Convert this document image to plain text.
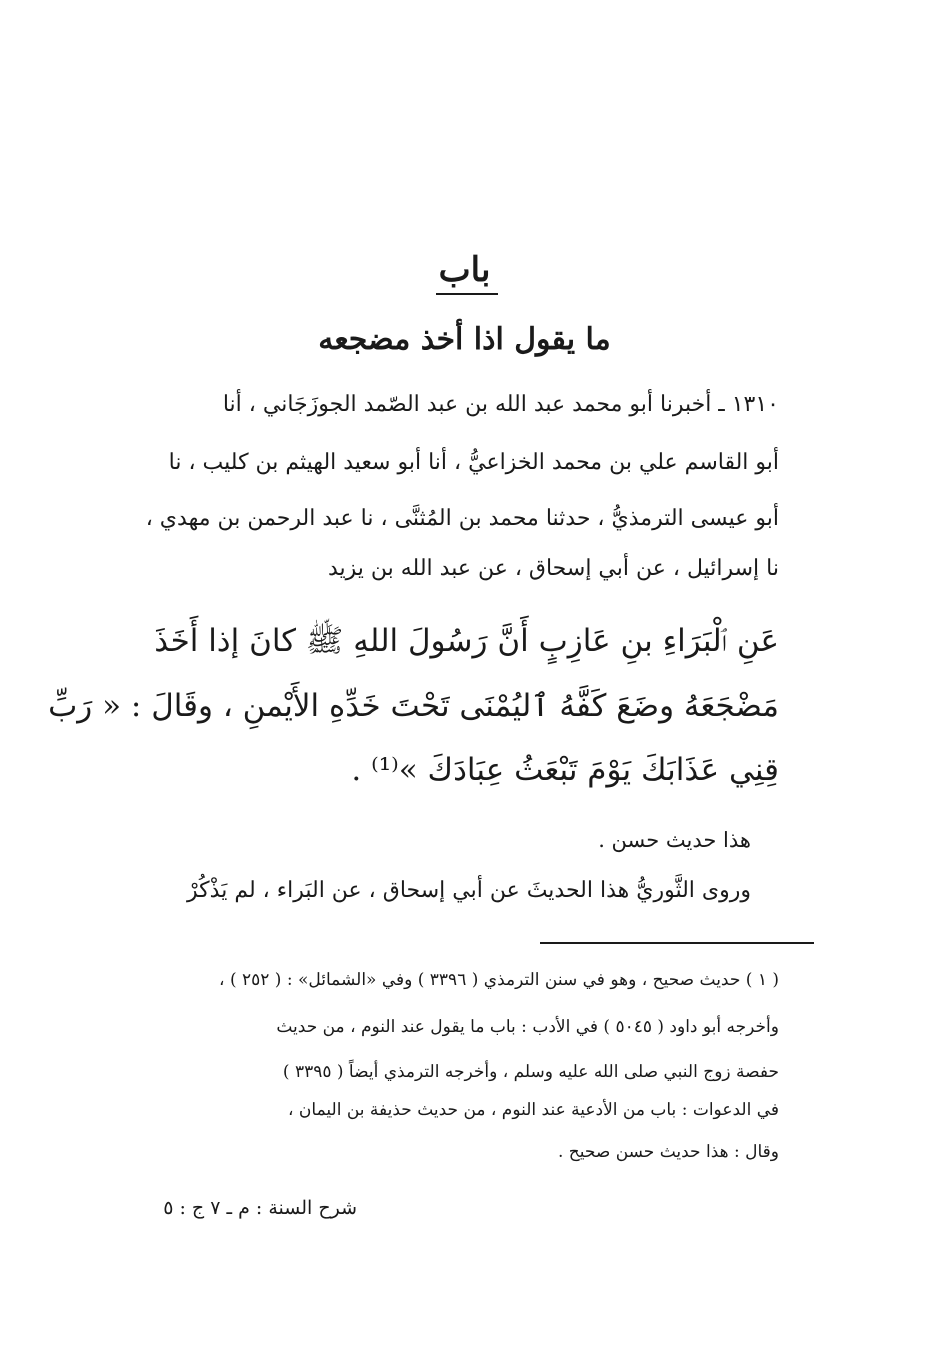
باب
ما يقول اذا أخذ مضجعه
١٣١٠ ـ أخبرنا أبو محمد عبد الله بن عبد الصّمد الجوزَجَاني ، أنا
أبو القاسم علي بن محمد الخزاعيُّ ، أنا أبو سعيد الهيثم بن كليب ، نا
أبو عيسى الترمذيُّ ، حدثنا محمد بن المُثنَّى ، نا عبد الرحمن بن مهدي ،
نا إسرائيل ، عن أبي إسحاق ، عن عبد الله بن يزيد
عَنِ ٱلْبَرَاءِ بنِ عَازِبٍ أَنَّ رَسُولَ اللهِ ﷺ كانَ إذا أَخَذَ
مَضْجَعَهُ وضَعَ كَفَّهُ ٱليُمْنَى تَحْتَ خَدِّهِ الأَيْمنِ ، وقَالَ : « رَبِّ
قِنِي عَذَابَكَ يَوْمَ تَبْعَثُ عِبَادَكَ »⁽¹⁾ .
هذا حديث حسن .
وروى الثَّوريُّ هذا الحديثَ عن أبي إسحاق ، عن البَراء ، لم يَذْكُرْ
( ١ ) حديث صحيح ، وهو في سنن الترمذي ( ٣٣٩٦ ) وفي «الشمائل» : ( ٢٥٢ ) ،
وأخرجه أبو داود ( ٥٠٤٥ ) في الأدب : باب ما يقول عند النوم ، من حديث
حفصة زوج النبي صلى الله عليه وسلم ، وأخرجه الترمذي أيضاً ( ٣٣٩٥ )
في الدعوات : باب من الأدعية عند النوم ، من حديث حذيفة بن اليمان ،
وقال : هذا حديث حسن صحيح .
شرح السنة : م ـ ٧ ج : ٥
